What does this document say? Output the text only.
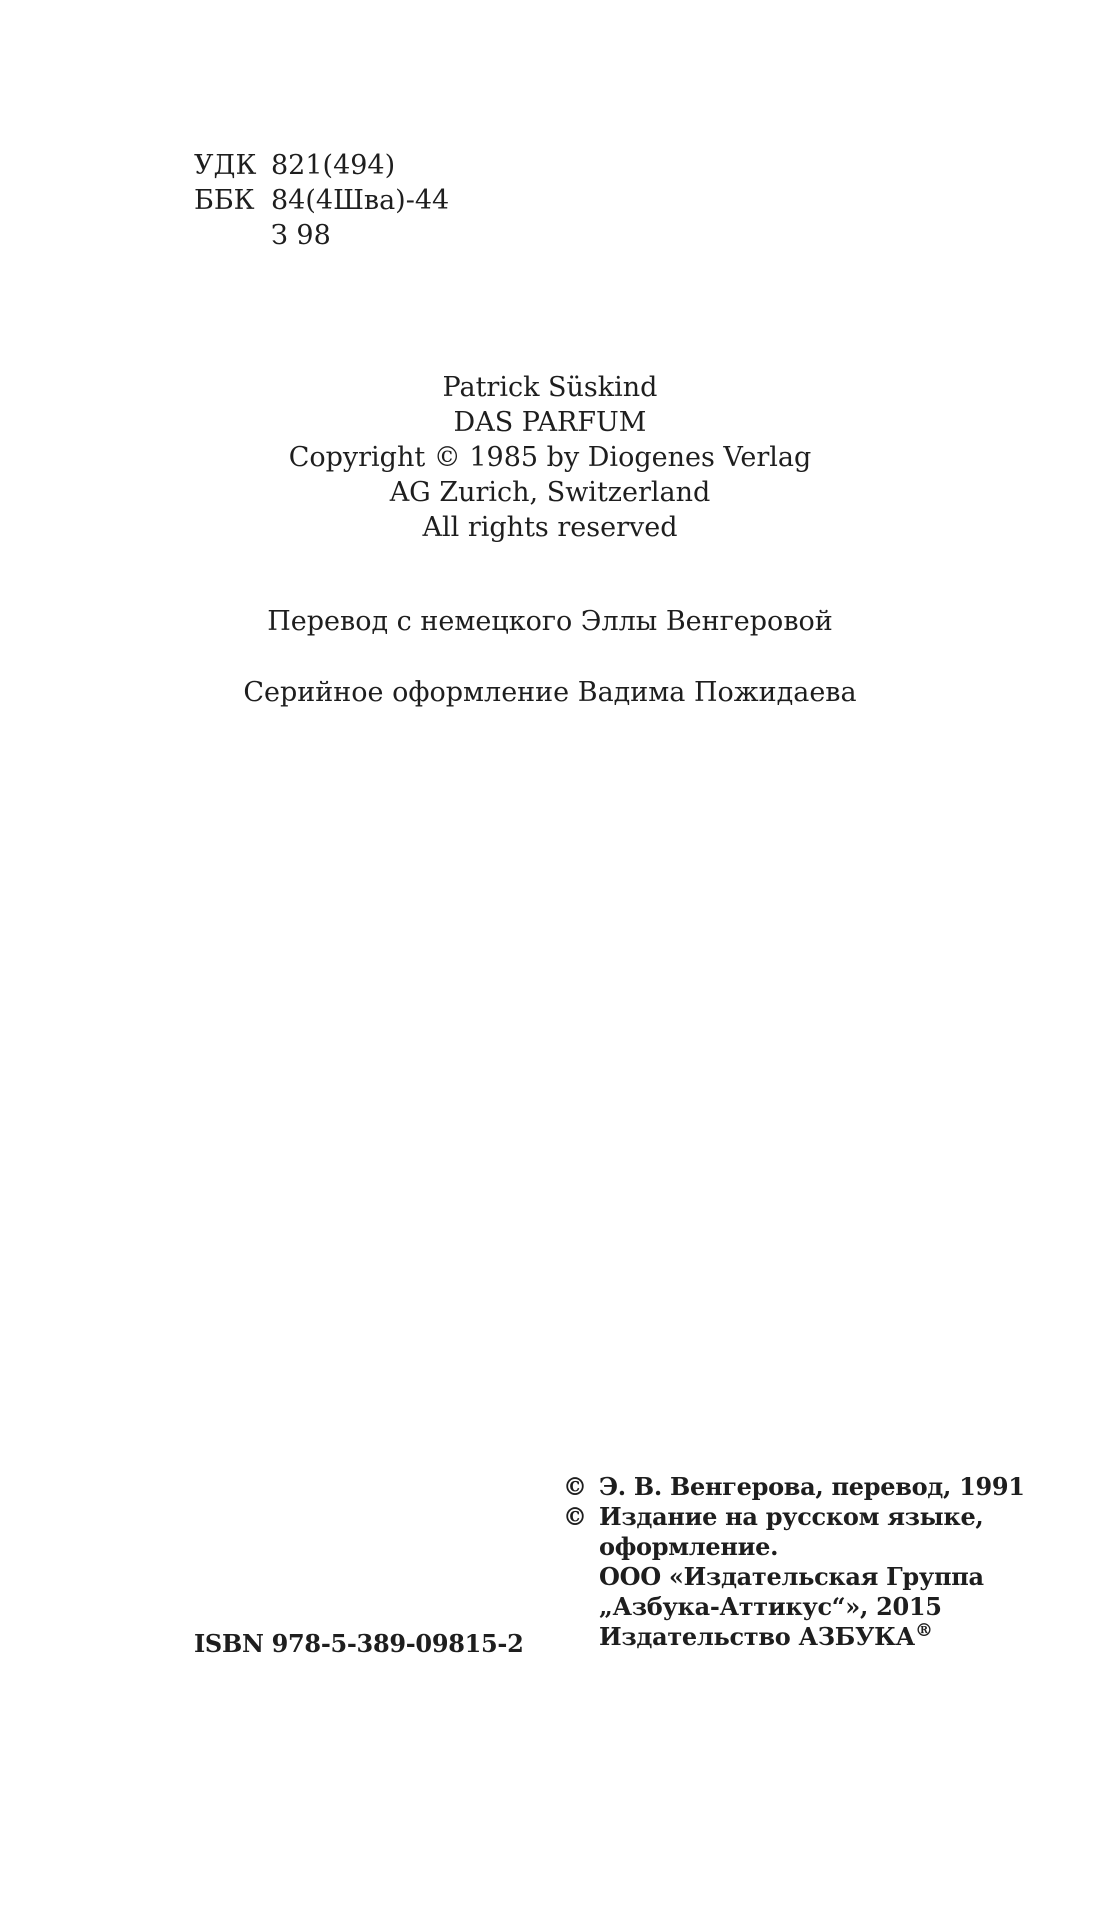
УДК 821(494)
ББК 84(4Шва)-44
З 98
Patrick Süskind
DAS PARFUM
Copyright © 1985 by Diogenes Verlag
AG Zurich, Switzerland
All rights reserved
Перевод с немецкого Эллы Венгеровой
Серийное оформление Вадима Пожидаева
ISBN 978-5-389-09815-2
© Э. В. Венгерова, перевод, 1991
© Издание на русском языке,
оформление.
ООО «Издательская Группа
„Азбука-Аттикус“», 2015
Издательство АЗБУКА®
